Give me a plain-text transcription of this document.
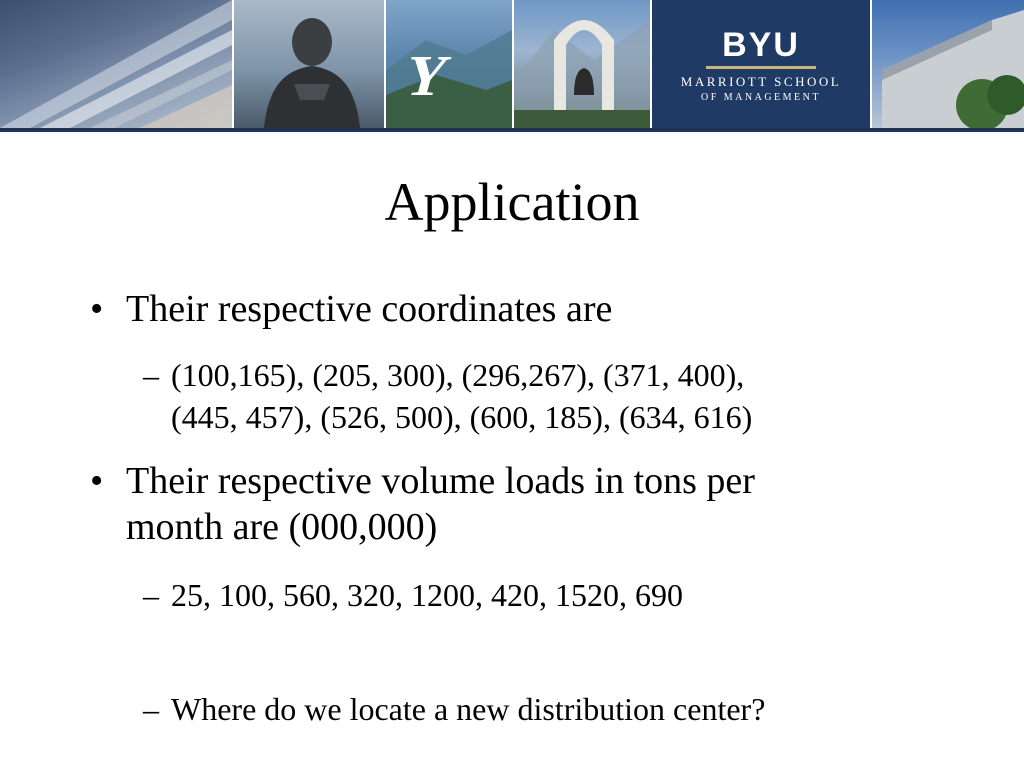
Y	BYU
MARRIOTT SCHOOL
OF MANAGEMENT
Application
• Their respective coordinates are
– (100,165), (205, 300), (296,267), (371, 400),
(445, 457), (526, 500), (600, 185), (634, 616)
• Their respective volume loads in tons per
month are (000,000)
– 25, 100, 560, 320, 1200, 420, 1520, 690
– Where do we locate a new distribution center?
